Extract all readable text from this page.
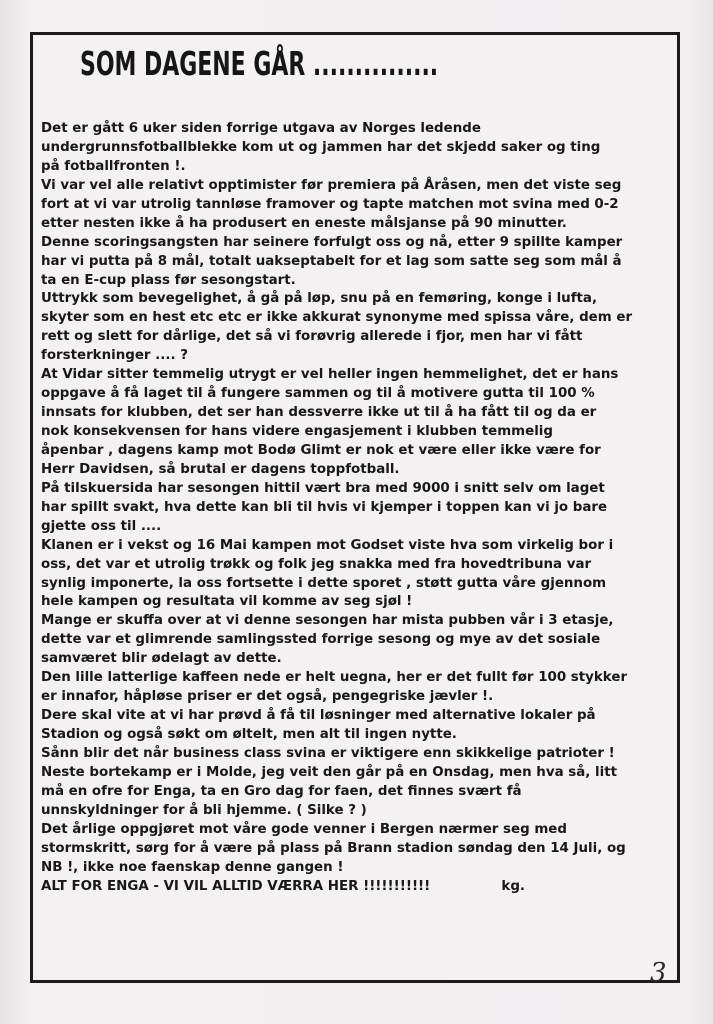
SOM DAGENE GÅR ...............
Det er gått 6 uker siden forrige utgava av Norges ledende
undergrunnsfotballblekke kom ut og jammen har det skjedd saker og ting
på fotballfronten !.
Vi var vel alle relativt opptimister før premiera på Åråsen, men det viste seg
fort at vi var utrolig tannløse framover og tapte matchen mot svina med 0-2
etter nesten ikke å ha produsert en eneste målsjanse på 90 minutter.
Denne scoringsangsten har seinere forfulgt oss og nå, etter 9 spillte kamper
har vi putta på 8 mål, totalt uakseptabelt for et lag som satte seg som mål å
ta en E-cup plass før sesongstart.
Uttrykk som bevegelighet, å gå på løp, snu på en femøring, konge i lufta,
skyter som en hest etc etc er ikke akkurat synonyme med spissa våre, dem er
rett og slett for dårlige, det så vi forøvrig allerede i fjor, men har vi fått
forsterkninger .... ?
At Vidar sitter temmelig utrygt er vel heller ingen hemmelighet, det er hans
oppgave å få laget til å fungere sammen og til å motivere gutta til 100 %
innsats for klubben, det ser han dessverre ikke ut til å ha fått til og da er
nok konsekvensen for hans videre engasjement i klubben temmelig
åpenbar , dagens kamp mot Bodø Glimt er nok et være eller ikke være for
Herr Davidsen, så brutal er dagens toppfotball.
På tilskuersida har sesongen hittil vært bra med 9000 i snitt selv om laget
har spillt svakt, hva dette kan bli til hvis vi kjemper i toppen kan vi jo bare
gjette oss til ....
Klanen er i vekst og 16 Mai kampen mot Godset viste hva som virkelig bor i
oss, det var et utrolig trøkk og folk jeg snakka med fra hovedtribuna var
synlig imponerte, la oss fortsette i dette sporet , støtt gutta våre gjennom
hele kampen og resultata vil komme av seg sjøl !
Mange er skuffa over at vi denne sesongen har mista pubben vår i 3 etasje,
dette var et glimrende samlingssted forrige sesong og mye av det sosiale
samværet blir ødelagt av dette.
Den lille latterlige kaffeen nede er helt uegna, her er det fullt før 100 stykker
er innafor, håpløse priser er det også, pengegriske jævler !.
Dere skal vite at vi har prøvd å få til løsninger med alternative lokaler på
Stadion og også søkt om øltelt, men alt til ingen nytte.
Sånn blir det når business class svina er viktigere enn skikkelige patrioter !
Neste bortekamp er i Molde, jeg veit den går på en Onsdag, men hva så, litt
må en ofre for Enga, ta en Gro dag for faen, det finnes svært få
unnskyldninger for å bli hjemme. ( Silke ? )
Det årlige oppgjøret mot våre gode venner i Bergen nærmer seg med
stormskritt, sørg for å være på plass på Brann stadion søndag den 14 Juli, og
NB !, ikke noe faenskap denne gangen !
ALT FOR ENGA - VI VIL ALLTID VÆRRA HER !!!!!!!!!!!	kg.
3
